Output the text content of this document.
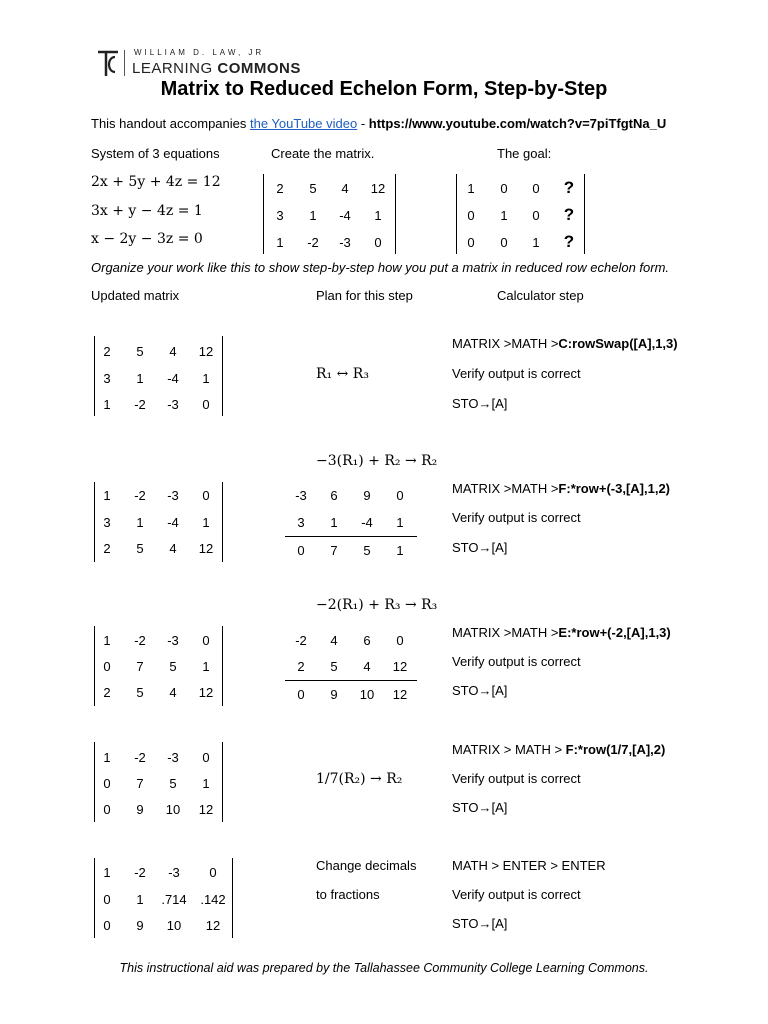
WILLIAM D. LAW, JR
LEARNING COMMONS
Matrix to Reduced Echelon Form, Step-by-Step
This handout accompanies the YouTube video - https://www.youtube.com/watch?v=7piTfgtNa_U
System of 3 equations	Create the matrix.	The goal:
2x + 5y + 4z = 12
3x + y − 4z = 1
x − 2y − 3z = 0
2	5	4	12
3	1	-4	1
1	-2	-3	0
1	0	0	?
0	1	0	?
0	0	1	?
Organize your work like this to show step-by-step how you put a matrix in reduced row echelon form.
Updated matrix	Plan for this step	Calculator step
2	5	4	12
3	1	-4	1
1	-2	-3	0
R₁ ↔ R₃
MATRIX >MATH >C:rowSwap([A],1,3)
Verify output is correct
STO→[A]
−3(R₁) + R₂ → R₂
1	-2	-3	0
3	1	-4	1
2	5	4	12
-3	6	9	0
3	1	-4	1
0	7	5	1
MATRIX >MATH >F:*row+(-3,[A],1,2)
Verify output is correct
STO→[A]
−2(R₁) + R₃ → R₃
1	-2	-3	0
0	7	5	1
2	5	4	12
-2	4	6	0
2	5	4	12
0	9	10	12
MATRIX >MATH >E:*row+(-2,[A],1,3)
Verify output is correct
STO→[A]
1	-2	-3	0
0	7	5	1
0	9	10	12
1/7(R₂) → R₂
MATRIX > MATH > F:*row(1/7,[A],2)
Verify output is correct
STO→[A]
1	-2	-3	0
0	1	.714	.142
0	9	10	12
Change decimals
to fractions
MATH > ENTER > ENTER
Verify output is correct
STO→[A]
This instructional aid was prepared by the Tallahassee Community College Learning Commons.
